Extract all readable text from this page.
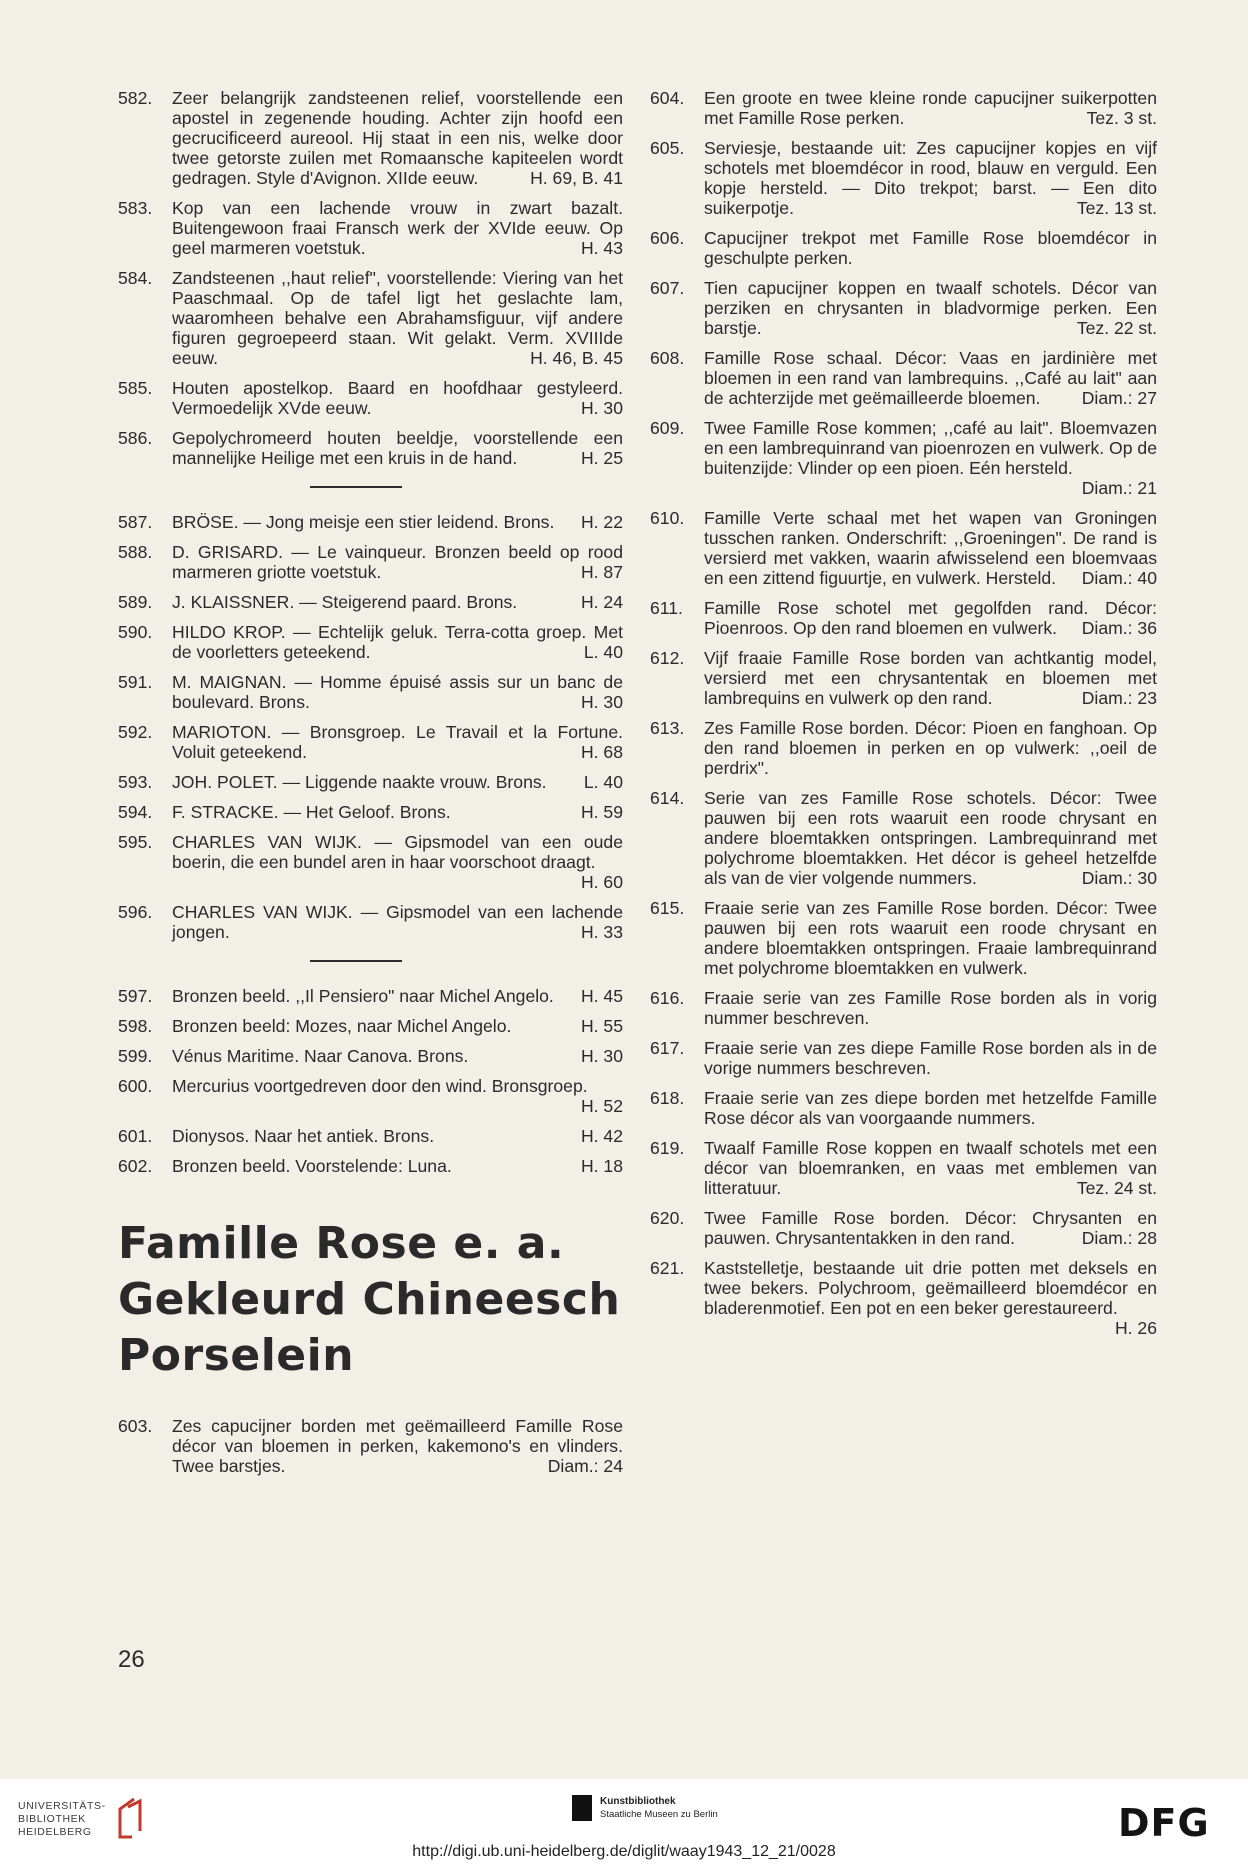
582.	Zeer belangrijk zandsteenen relief, voorstellende een apostel in zegenende houding. Achter zijn hoofd een gecrucificeerd aureool. Hij staat in een nis, welke door twee getorste zuilen met Romaansche kapiteelen wordt gedragen. Style d'Avignon. XIIde eeuw.	H. 69, B. 41
583.	Kop van een lachende vrouw in zwart bazalt. Buitengewoon fraai Fransch werk der XVIde eeuw. Op geel marmeren voetstuk.	H. 43
584.	Zandsteenen ,,haut relief", voorstellende: Viering van het Paaschmaal. Op de tafel ligt het geslachte lam, waaromheen behalve een Abrahamsfiguur, vijf andere figuren gegroepeerd staan. Wit gelakt. Verm. XVIIIde eeuw.	H. 46, B. 45
585.	Houten apostelkop. Baard en hoofdhaar gestyleerd. Vermoedelijk XVde eeuw.	H. 30
586.	Gepolychromeerd houten beeldje, voorstellende een mannelijke Heilige met een kruis in de hand.	H. 25
587.	BRÖSE. — Jong meisje een stier leidend. Brons.	H. 22
588.	D. GRISARD. — Le vainqueur. Bronzen beeld op rood marmeren griotte voetstuk.	H. 87
589.	J. KLAISSNER. — Steigerend paard. Brons.	H. 24
590.	HILDO KROP. — Echtelijk geluk. Terra-cotta groep. Met de voorletters geteekend.	L. 40
591.	M. MAIGNAN. — Homme épuisé assis sur un banc de boulevard. Brons.	H. 30
592.	MARIOTON. — Bronsgroep. Le Travail et la Fortune. Voluit geteekend.	H. 68
593.	JOH. POLET. — Liggende naakte vrouw. Brons.	L. 40
594.	F. STRACKE. — Het Geloof. Brons.	H. 59
595.	CHARLES VAN WIJK. — Gipsmodel van een oude boerin, die een bundel aren in haar voorschoot draagt.
H. 60
596.	CHARLES VAN WIJK. — Gipsmodel van een lachende jongen.	H. 33
597.	Bronzen beeld. ,,Il Pensiero" naar Michel Angelo.	H. 45
598.	Bronzen beeld: Mozes, naar Michel Angelo.	H. 55
599.	Vénus Maritime. Naar Canova. Brons.	H. 30
600.	Mercurius voortgedreven door den wind. Bronsgroep.
H. 52
601.	Dionysos. Naar het antiek. Brons.	H. 42
602.	Bronzen beeld. Voorstelende: Luna.	H. 18
Famille Rose e. a.
Gekleurd Chineesch
Porselein
603.	Zes capucijner borden met geëmailleerd Famille Rose décor van bloemen in perken, kakemono's en vlinders. Twee barstjes.	Diam.: 24
604.	Een groote en twee kleine ronde capucijner suikerpotten met Famille Rose perken.	Tez. 3 st.
605.	Serviesje, bestaande uit: Zes capucijner kopjes en vijf schotels met bloemdécor in rood, blauw en verguld. Een kopje hersteld. — Dito trekpot; barst. — Een dito suikerpotje.	Tez. 13 st.
606.	Capucijner trekpot met Famille Rose bloemdécor in geschulpte perken.
607.	Tien capucijner koppen en twaalf schotels. Décor van perziken en chrysanten in bladvormige perken. Een barstje.	Tez. 22 st.
608.	Famille Rose schaal. Décor: Vaas en jardinière met bloemen in een rand van lambrequins. ,,Café au lait" aan de achterzijde met geëmailleerde bloemen.	Diam.: 27
609.	Twee Famille Rose kommen; ,,café au lait". Bloemvazen en een lambrequinrand van pioenrozen en vulwerk. Op de buitenzijde: Vlinder op een pioen. Eén hersteld.
Diam.: 21
610.	Famille Verte schaal met het wapen van Groningen tusschen ranken. Onderschrift: ,,Groeningen". De rand is versierd met vakken, waarin afwisselend een bloemvaas en een zittend figuurtje, en vulwerk. Hersteld.	Diam.: 40
611.	Famille Rose schotel met gegolfden rand. Décor: Pioenroos. Op den rand bloemen en vulwerk.	Diam.: 36
612.	Vijf fraaie Famille Rose borden van achtkantig model, versierd met een chrysantentak en bloemen met lambrequins en vulwerk op den rand.	Diam.: 23
613.	Zes Famille Rose borden. Décor: Pioen en fanghoan. Op den rand bloemen in perken en op vulwerk: ,,oeil de perdrix".
614.	Serie van zes Famille Rose schotels. Décor: Twee pauwen bij een rots waaruit een roode chrysant en andere bloemtakken ontspringen. Lambrequinrand met polychrome bloemtakken. Het décor is geheel hetzelfde als van de vier volgende nummers.	Diam.: 30
615.	Fraaie serie van zes Famille Rose borden. Décor: Twee pauwen bij een rots waaruit een roode chrysant en andere bloemtakken ontspringen. Fraaie lambrequinrand met polychrome bloemtakken en vulwerk.
616.	Fraaie serie van zes Famille Rose borden als in vorig nummer beschreven.
617.	Fraaie serie van zes diepe Famille Rose borden als in de vorige nummers beschreven.
618.	Fraaie serie van zes diepe borden met hetzelfde Famille Rose décor als van voorgaande nummers.
619.	Twaalf Famille Rose koppen en twaalf schotels met een décor van bloemranken, en vaas met emblemen van litteratuur.	Tez. 24 st.
620.	Twee Famille Rose borden. Décor: Chrysanten en pauwen. Chrysantentakken in den rand.	Diam.: 28
621.	Kaststelletje, bestaande uit drie potten met deksels en twee bekers. Polychroom, geëmailleerd bloemdécor en bladerenmotief. Een pot en een beker gerestaureerd.
H. 26
26
UNIVERSITÄTS-
BIBLIOTHEK
HEIDELBERG
Kunstbibliothek
Staatliche Museen zu Berlin	DFG
http://digi.ub.uni-heidelberg.de/diglit/waay1943_12_21/0028
